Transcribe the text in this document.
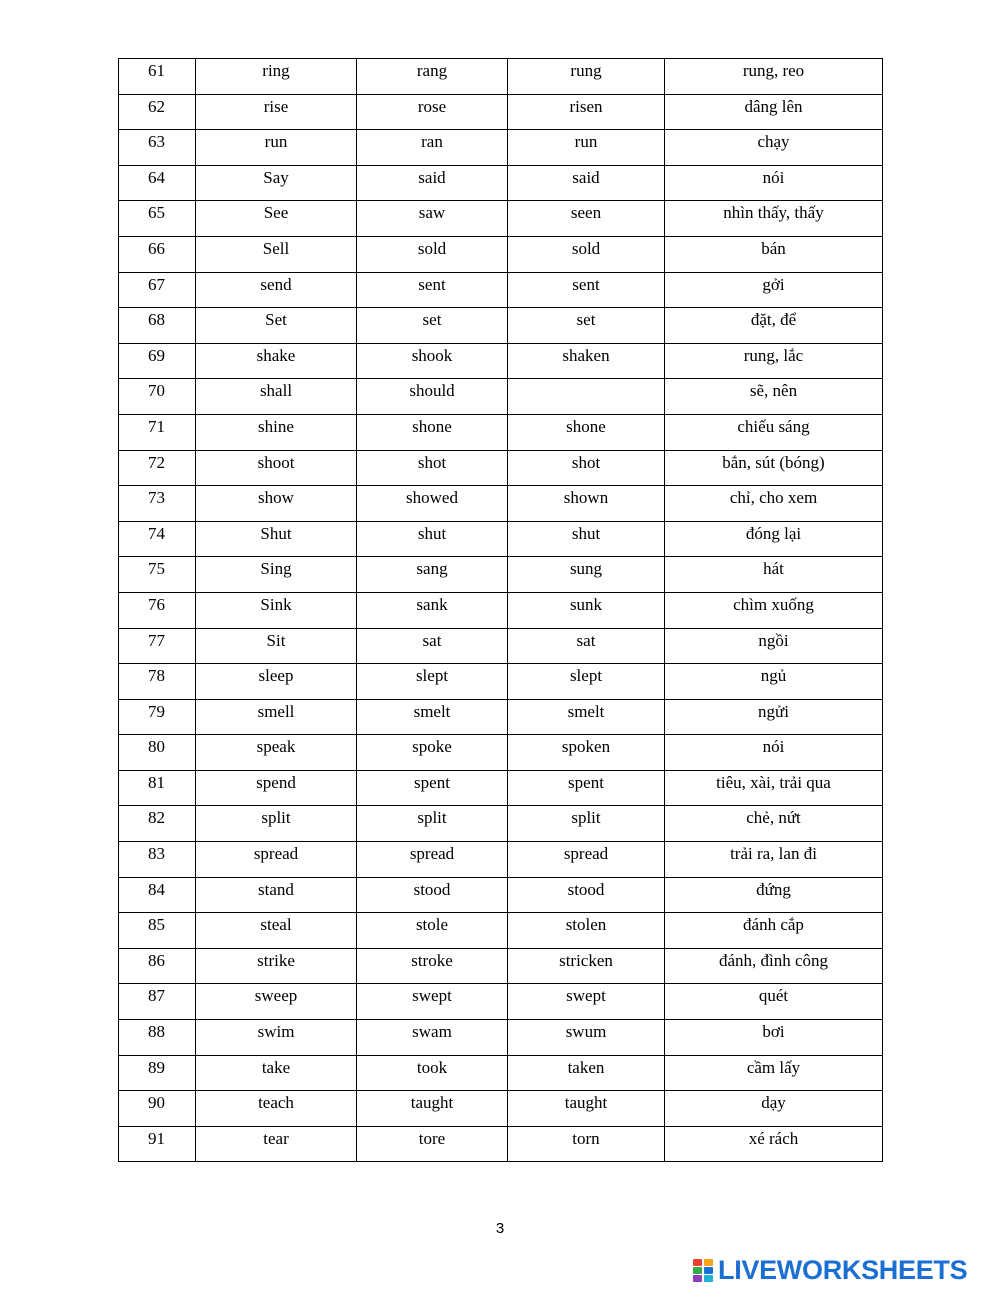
61	ring	rang	rung	rung, reo

62	rise	rose	risen	dâng lên

63	run	ran	run	chạy

64	Say	said	said	nói

65	See	saw	seen	nhìn thấy, thấy

66	Sell	sold	sold	bán

67	send	sent	sent	gởi

68	Set	set	set	đặt, để

69	shake	shook	shaken	rung, lắc

70	shall	should		sẽ, nên

71	shine	shone	shone	chiếu sáng

72	shoot	shot	shot	bắn, sút (bóng)

73	show	showed	shown	chỉ, cho xem

74	Shut	shut	shut	đóng lại

75	Sing	sang	sung	hát

76	Sink	sank	sunk	chìm xuống

77	Sit	sat	sat	ngồi

78	sleep	slept	slept	ngủ

79	smell	smelt	smelt	ngửi

80	speak	spoke	spoken	nói

81	spend	spent	spent	tiêu, xài, trải qua

82	split	split	split	chẻ, nứt

83	spread	spread	spread	trải ra, lan đi

84	stand	stood	stood	đứng

85	steal	stole	stolen	đánh cắp

86	strike	stroke	stricken	đánh, đình công

87	sweep	swept	swept	quét

88	swim	swam	swum	bơi

89	take	took	taken	cầm lấy

90	teach	taught	taught	dạy

91	tear	tore	torn	xé rách
3
LIVEWORKSHEETS
